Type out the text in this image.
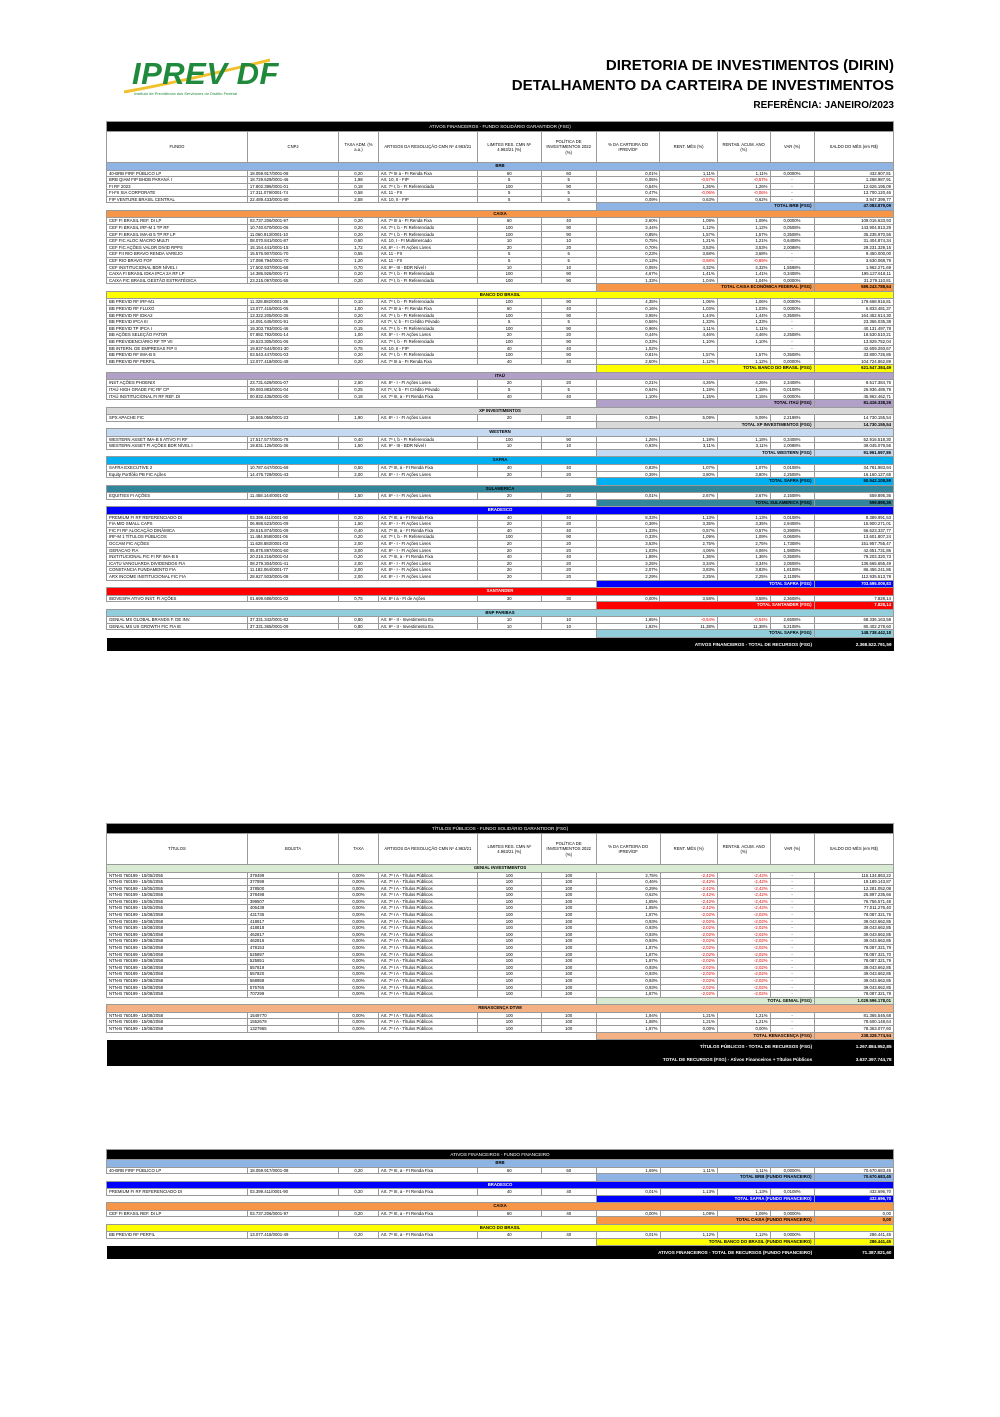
IPREV DF
Instituto de Previdência dos Servidores do Distrito Federal
DIRETORIA DE INVESTIMENTOS (DIRIN)
DETALHAMENTO DA CARTEIRA DE INVESTIMENTOS
REFERÊNCIA: JANEIRO/2023
ATIVOS FINANCEIROS - FUNDO SOLIDÁRIO GARANTIDOR (FSG)										
FUNDO	CNPJ	TAXA ADM. (% a.a.)	ARTIGOS DA RESOLUÇÃO CMN Nº 4.963/21	LIMITES RES. CMN Nº 4.963/21 (%)	POLÍTICA DE INVESTIMENTOS 2022 (%)	% DA CARTEIRA DO IPREV/DF	RENT. MÊS (%)	RENTAB. ACUM. ANO (%)	VAR (%)	SALDO DO MÊS (em R$)
BRB										
40-BRB FIRF PÚBLICO LP	18.059.917/0001-08	0,20	Art. 7º III a - FI Renda Fixa	60	60	0,01%	1,11%	1,11%	0,0000%	432.907,81
BRB QIAM FIP BHDB PARANÁ I	18.729.629/0001-46	1,98	Art. 10, II - FIP	5	5	0,05%	-0,57%	-0,57%	-	1.268.987,91
FI RF 2023	17.802.396/0001-01	0,18	Art. 7º I, b - FI Referenciado	100	90	0,54%	1,26%	1,26%	-	12.626.195,09
FI-FII SIA CORPORATE	17.311.079/0001-74	0,58	Art. 11 - FII	5	5	0,47%	-0,06%	-0,06%	-	13.700.120,46
FIP VENTURE BRASIL CENTRAL	22.489.433/0001-80	2,58	Art. 10, II - FIP	5	5	0,09%	0,63%	0,62%	-	3.947.399,77
						TOTAL BRB (FSG)				47.083.879,09
CAIXA										
CEF FI BRASIL REF. DI LP	03.737.206/0001-97	0,20	Art. 7º III a - FI Renda Fixa	60	40	2,60%	1,09%	1,09%	0,0000%	109.016.633,93
CEF FI BRASIL IRF-M 1 TP RF	10.740.670/0001-06	0,20	Art. 7º I, b - FI Referenciado	100	90	3,44%	1,12%	1,12%	0,0508%	143.904.813,29
CEF FI BRASIL IMA-B 5 TP RF LP	11.060.913/0001-10	0,20	Art. 7º I, b - FI Referenciado	100	90	0,85%	1,57%	1,57%	0,3508%	35.235.970,56
CEF FIC ALOC MACRO MULTI	08.070.841/0001-87	0,50	Art. 10, I - FI Multimercado	10	10	0,75%	1,21%	1,21%	0,6408%	31.404.874,34
CEF FIC AÇÕES VALOR DIVID RPPS	15.154.441/0001-15	1,72	Art. 8º - I - FI Ações Livres	20	20	0,70%	3,53%	3,53%	2,0098%	29.231.329,15
CEF FII RIO BRAVO RENDA VAREJO	15.576.907/0001-70	0,55	Art. 11 - FII	5	5	0,23%	3,68%	3,68%	-	9.450.000,00
CEF RIO BRAVO FOF	17.098.794/0001-70	1,20	Art. 11 - FII	5	5	0,13%	-3,68%	-0,65%	-	3.630.068,79
CEF INSTITUCIONAL BDR NÍVEL I	17.502.937/0001-68	0,70	Art. 9º - III - BDR Nível I	10	10	0,05%	4,32%	4,32%	1,5598%	1.962.271,69
CAIXA FI BRASIL IDKA IPCA 2A RF LP	14.386.926/0001-71	0,20	Art. 7º I, b - FI Referenciado	100	90	4,67%	1,41%	1,41%	0,3408%	195.127.618,11
CAIXA FIC BRASIL GESTÃO ESTRATÉGICA	23.215.097/0001-55	0,20	Art. 7º I, b - FI Referenciado	100	90	1,33%	1,04%	1,04%	0,0000%	31.279.110,81
						TOTAL CAIXA ECONÔMICA FEDERAL (FSG)				589.243.788,64
BANCO DO BRASIL										
BB PREVID RF IRF-M1	11.328.882/0001-35	0,10	Art. 7º I, b - FI Referenciado	100	90	4,35%	1,06%	1,06%	0,0000%	179.668.916,81
BB PREVID RF FLUXO	13.077.415/0001-05	1,00	Art. 7º III a - FI Renda Fixa	60	40	0,16%	1,03%	1,03%	0,0000%	6.833.481,37
BB PREVID RF IDKA2	13.322.205/0001-35	0,20	Art. 7º I, b - FI Referenciado	100	90	3,95%	1,44%	1,44%	0,3508%	164.452.614,30
BB PREVID IPCA III	14.091.645/0001-91	0,20	Art 7º, V, b - FI Crédito Privado	5	5	0,56%	1,33%	1,33%	-	23.366.035,38
BB PREVID TP IPCA I	19.303.793/0001-46	0,15	Art. 7º I, b - FI Referenciado	100	90	0,96%	1,11%	1,11%	-	40.131.497,78
BB AÇÕES SELEÇÃO FATOR	07.882.792/0001-14	1,00	Art. 8º - I - FI Ações Livres	20	20	0,44%	4,46%	4,46%	2,2508%	18.530.510,21
BB PREVIDENCIÁRIO RF TP VII	19.523.305/0001-06	0,20	Art. 7º I, b - FI Referenciado	100	90	0,33%	1,10%	1,10%	-	13.829.752,04
BB INTERN. DE EMPRESAS FIP II	19.837-544/0001-30	0,75	Art. 10, II - FIP	40	40	1,02%			-	42.609.293,67
BB PREVID RF IMA-B 5	03.543.447/0001-03	0,20	Art. 7º I, b - FI Referenciado	100	90	0,81%	1,57%	1,57%	0,3508%	33.800.726,86
BB PREVID RF PERFIL	13.077.418/0001-49	0,20	Art. 7º III a - FI Renda Fixa	40	40	2,50%	1,12%	1,12%	0,0000%	104.724.862,89
						TOTAL BANCO DO BRASIL (FSG)				621.547.384,49
ITAÚ										
INST AÇÕES PHOENIX	23.731.629/0001-07	2,50	Art. 8º - I - FI Ações Livres	20	20	0,21%	4,26%	4,26%	2,3408%	8.517.384,76
ITAÚ HIGH GRADE FIC RF CP	09.093.883/0001-04	0,25	Art 7º, V, b - FI Crédito Privado	5	5	0,64%	1,18%	1,18%	0,0108%	26.936.489,79
ITAÚ INSTITUCIONAL FI RF REF. DI	00.832.435/0001-00	0,18	Art. 7º III, a - FI Renda Fixa	40	40	1,10%	1,15%	1,15%	0,0000%	45.962.462,71
						TOTAL ITAÚ (FSG)				81.416.338,26
XP INVESTIMENTOS										
SPX APACHE FIC	16.565.056/0001-23	1,90	Art. 8º - I - FI Ações Livres	20	20	0,35%	5,09%	5,09%	2,2198%	14.730.155,54
						TOTAL XP INVESTIMENTOS (FSG)				14.730.155,54
WESTERN										
WESTERN ASSET IMA-B 5 ATIVO FI RF	17.517.577/0001-78	0,40	Art. 7º I, b - FI Referenciado	100	90	1,26%	1,18%	1,18%	0,3408%	52.916.518,30
WESTERN ASSET FI AÇÕES BDR NÍVEL I	19.831.126/0001-36	1,50	Art. 9º - III - BDR Nível I	10	10	0,93%	3,11%	3,11%	2,0098%	39.045.079,56
						TOTAL WESTERN (FSG)				91.961.597,86
SAFRA										
SAFRA EXECUTIVE 2	10.787.647/0001-69	0,50	Art. 7º III, a - FI Renda Fixa	40	40	0,83%	1,07%	1,07%	0,0108%	34.781.983,94
Equity Portfólio PB FIC Ações	14.476.729/0001-43	2,00	Art. 8º - I - FI Ações Livres	20	20	0,39%	3,80%	3,80%	2,2508%	16.160.127,65
						TOTAL SAFRA (FSG)				50.942.108,59
SULAMERICA										
EQUITIES FI AÇÕES	11.458.144/0001-02	1,50	Art. 8º - I - FI Ações Livres	20	20	0,01%	2,67%	2,67%	2,1508%	559.895,36
						TOTAL SULAMERICA (FSG)				559.895,36
BRADESCO										
PREMIUM FI RF REFERENCIADO DI	03.399.411/0001-90	0,20	Art. 7º III, a - FI Renda Fixa	40	40	8,33%	1,13%	1,13%	0,0108%	8.389.991,53
FIA MID SMALL CAPS	06.988.623/0001-09	1,50	Art. 8º - I - FI Ações Livres	20	20	0,39%	3,35%	3,35%	2,9408%	15.900.271,01
FIC FI RF ALOCAÇÃO DINÂMICA	28.515.874/0001-09	0,40	Art. 7º III, a - FI Renda Fixa	40	40	1,33%	0,57%	0,57%	0,3908%	56.623.337,77
IRF-M 1 TÍTULOS PÚBLICOS	11.484.558/0001-06	0,20	Art. 7º I, b - FI Referenciado	100	90	0,33%	1,09%	1,09%	0,0608%	13.601.807,24
OCCAM FIC AÇÕES	11.628.883/0001-03	2,00	Art. 8º - I - FI Ações Livres	20	20	3,63%	2,75%	2,75%	1,7308%	151.957.755,47
GERACAO FIA	05.875.897/0001-60	3,00	Art. 8º - I - FI Ações Livres	20	20	1,03%	4,06%	4,06%	1,9808%	42.651.731,86
INSTITUCIONAL FIC FI RF IMA-B 5	20.216.216/0001-04	0,20	Art. 7º III, a - FI Renda Fixa	40	40	1,89%	1,36%	1,36%	0,3508%	79.203.320,73
ICATU VANGUARDA DIVIDENDOS FIA	08.279.304/0001-41	2,00	Art. 8º - I - FI Ações Livres	20	20	3,25%	3,34%	3,34%	2,0508%	136.665.655,49
CONSTANCIA FUNDAMENTO FIA	11.182.064/0001-77	2,00	Art. 8º - I - FI Ações Livres	20	20	2,07%	3,83%	3,83%	1,8108%	86.456.241,86
ARX INCOME INSTITUCIONAL FIC FIA	28.627.503/0001-08	2,00	Art. 8º - I - FI Ações Livres	20	20	2,29%	2,25%	2,25%	2,1108%	112.935.513,78
						TOTAL SAFRA (FSG)				703.595.009,83
SANTANDER										
IBOVESPA ATIVO INST. FI AÇÕES	01.699.688/0001-02	0,75	Art. 8º I a - FI de Ações	30	30	0,00%	3,58%	3,58%	2,3608%	7.828,14
						TOTAL SANTANDER (FSG)				7.828,14
BNP PARIBAS										
GENIAL MS GLOBAL BRANDS F. DE INV.	37.331.342/0001-82	0,80	Art. 9º - II - Investimento Ex.	10	10	1,65%	-0,54%	-0,54%	2,6508%	68.336.163,58
GENIAL MS US GROWTH FIC FIA IE	37.331.365/0001-09	0,80	Art. 9º - II - Investimento Ex.	10	10	1,92%	11,38%	11,38%	5,2108%	80.402.278,60
						TOTAL SAFRA (FSG)				148.738.442,18
ATIVOS FINANCEIROS - TOTAL DE RECURSOS (FSG)										2.368.522.791,59
TÍTULOS PÚBLICOS - FUNDO SOLIDÁRIO GARANTIDOR (FSG)										
TÍTULOS	BOLETA	TAXA	ARTIGOS DA RESOLUÇÃO CMN Nº 4.963/21	LIMITES RES. CMN Nº 4.963/21 (%)	POLÍTICA DE INVESTIMENTOS 2022 (%)	% DA CARTEIRA DO IPREV/DF	RENT. MÊS (%)	RENTAB. ACUM. ANO (%)	VAR (%)	SALDO DO MÊS (em R$)
GENIAL INVESTIMENTOS										
NTN-B 760199 - 15/05/2055	379499	0,00%	Art. 7º I A - Títulos Públicos	100	100	2,75%	-2,42%	-2,42%	-	115.134.863,22
NTN-B 760199 - 15/05/2055	377899	0,00%	Art. 7º I A - Títulos Públicos	100	100	0,46%	-2,42%	-2,42%	-	19.189.143,87
NTN-B 760199 - 15/05/2055	378500	0,00%	Art. 7º I A - Títulos Públicos	100	100	0,29%	-2,42%	-2,42%	-	12.281.052,08
NTN-B 760199 - 15/05/2055	378498	0,00%	Art. 7º I A - Títulos Públicos	100	100	0,62%	-2,42%	-2,42%	-	25.897.235,66
NTN-B 760199 - 15/05/2055	399507	0,00%	Art. 7º I A - Títulos Públicos	100	100	1,85%	-2,42%	-2,42%	-	76.756.571,48
NTN-B 760199 - 15/05/2055	406438	0,00%	Art. 7º I A - Títulos Públicos	100	100	1,85%	-2,42%	-2,42%	-	77.011.276,40
NTN-B 760199 - 15/08/2058	431735	0,00%	Art. 7º I A - Títulos Públicos	100	100	1,87%	-2,02%	-2,02%	-	78.087.321,76
NTN-B 760199 - 15/08/2058	418817	0,00%	Art. 7º I A - Títulos Públicos	100	100	0,93%	-2,02%	-2,02%	-	39.043.662,85
NTN-B 760199 - 15/08/2058	418818	0,00%	Art. 7º I A - Títulos Públicos	100	100	0,93%	-2,02%	-2,02%	-	39.043.662,85
NTN-B 760199 - 15/08/2058	462817	0,00%	Art. 7º I A - Títulos Públicos	100	100	0,93%	-2,02%	-2,02%	-	39.043.662,85
NTN-B 760199 - 15/08/2058	462816	0,00%	Art. 7º I A - Títulos Públicos	100	100	0,93%	-2,02%	-2,02%	-	39.043.662,85
NTN-B 760199 - 15/08/2058	478153	0,00%	Art. 7º I A - Títulos Públicos	100	100	1,87%	-2,02%	-2,02%	-	78.087.321,79
NTN-B 760199 - 15/08/2058	525897	0,00%	Art. 7º I A - Títulos Públicos	100	100	1,87%	-2,02%	-2,02%	-	78.087.321,70
NTN-B 760199 - 15/08/2058	525851	0,00%	Art. 7º I A - Títulos Públicos	100	100	1,87%	-2,02%	-2,02%	-	78.087.321,79
NTN-B 760199 - 15/08/2058	557819	0,00%	Art. 7º I A - Títulos Públicos	100	100	0,93%	-2,02%	-2,02%	-	39.043.662,85
NTN-B 760199 - 15/08/2058	557820	0,00%	Art. 7º I A - Títulos Públicos	100	100	0,93%	-2,02%	-2,02%	-	39.043.662,85
NTN-B 760199 - 15/08/2058	568958	0,00%	Art. 7º I A - Títulos Públicos	100	100	0,93%	-2,02%	-2,02%	-	39.043.662,85
NTN-B 760199 - 15/08/2058	576765	0,00%	Art. 7º I A - Títulos Públicos	100	100	0,93%	-2,02%	-2,02%	-	39.043.662,85
NTN-B 760199 - 15/08/2058	707299	0,00%	Art. 7º I A - Títulos Públicos	100	100	1,87%	-2,02%	-2,02%	-	78.087.321,78
						TOTAL GENIAL (FSG)				1.029.596.178,01
RENASCENÇA DTVM										
NTN-B 760199 - 15/08/2058	1549770	0,00%	Art. 7º I A - Títulos Públicos	100	100	1,94%	1,21%	1,21%	-	81.365.546,68
NTN-B 760199 - 15/08/2058	1552679	0,00%	Art. 7º I A - Títulos Públicos	100	100	1,88%	1,21%	1,21%	-	78.600.148,64
NTN-B 760199 - 15/08/2058	1327965	0,00%	Art. 7º I A - Títulos Públicos	100	100	1,87%	0,00%	0,00%	-	78.363.077,60
						TOTAL RENASCENÇA (FSG)				238.328.774,94
TÍTULOS PÚBLICOS - TOTAL DE RECURSOS (FSG)										1.267.884.952,85
TOTAL DE RECURSOS (FSG) - Ativos Financeiros + Títulos Públicos										3.637.397.744,78
ATIVOS FINANCEIROS - FUNDO FINANCEIRO										
BRB										
40-BRB FIRF PÚBLICO LP	18.059.917/0001-08	0,20	Art. 7º III, a - FI Renda Fixa	60	60	1,69%	1,11%	1,11%	0,0000%	70.670.683,45
						TOTAL BRB (FUNDO FINANCEIRO)				70.670.683,45
BRADESCO										
PREMIUM FI RF REFERENCIADO DI	03.399.411/0001-90	0,20	Art. 7º III, a - FI Renda Fixa	40	40	0,01%	1,13%	1,13%	0,0108%	432.696,70
						TOTAL SAFRA (FUNDO FINANCEIRO)				432.696,70
CAIXA										
CEF FI BRASIL REF. DI LP	03.737.206/0001-97	0,20	Art. 7º III, a - FI Renda Fixa	60	40	0,00%	1,09%	1,09%	0,0000%	0,00
						TOTAL CAIXA (FUNDO FINANCEIRO)				0,00
BANCO DO BRASIL										
BB PREVID RF PERFIL	13.077.418/0001-49	0,20	Art. 7º III, a - FI Renda Fixa	40	40	0,01%	1,12%	1,12%	0,0000%	286.441,45
						TOTAL BANCO DO BRASIL (FUNDO FINANCEIRO)				286.441,45
ATIVOS FINANCEIROS - TOTAL DE RECURSOS (FUNDO FINANCEIRO)										71.387.821,60
